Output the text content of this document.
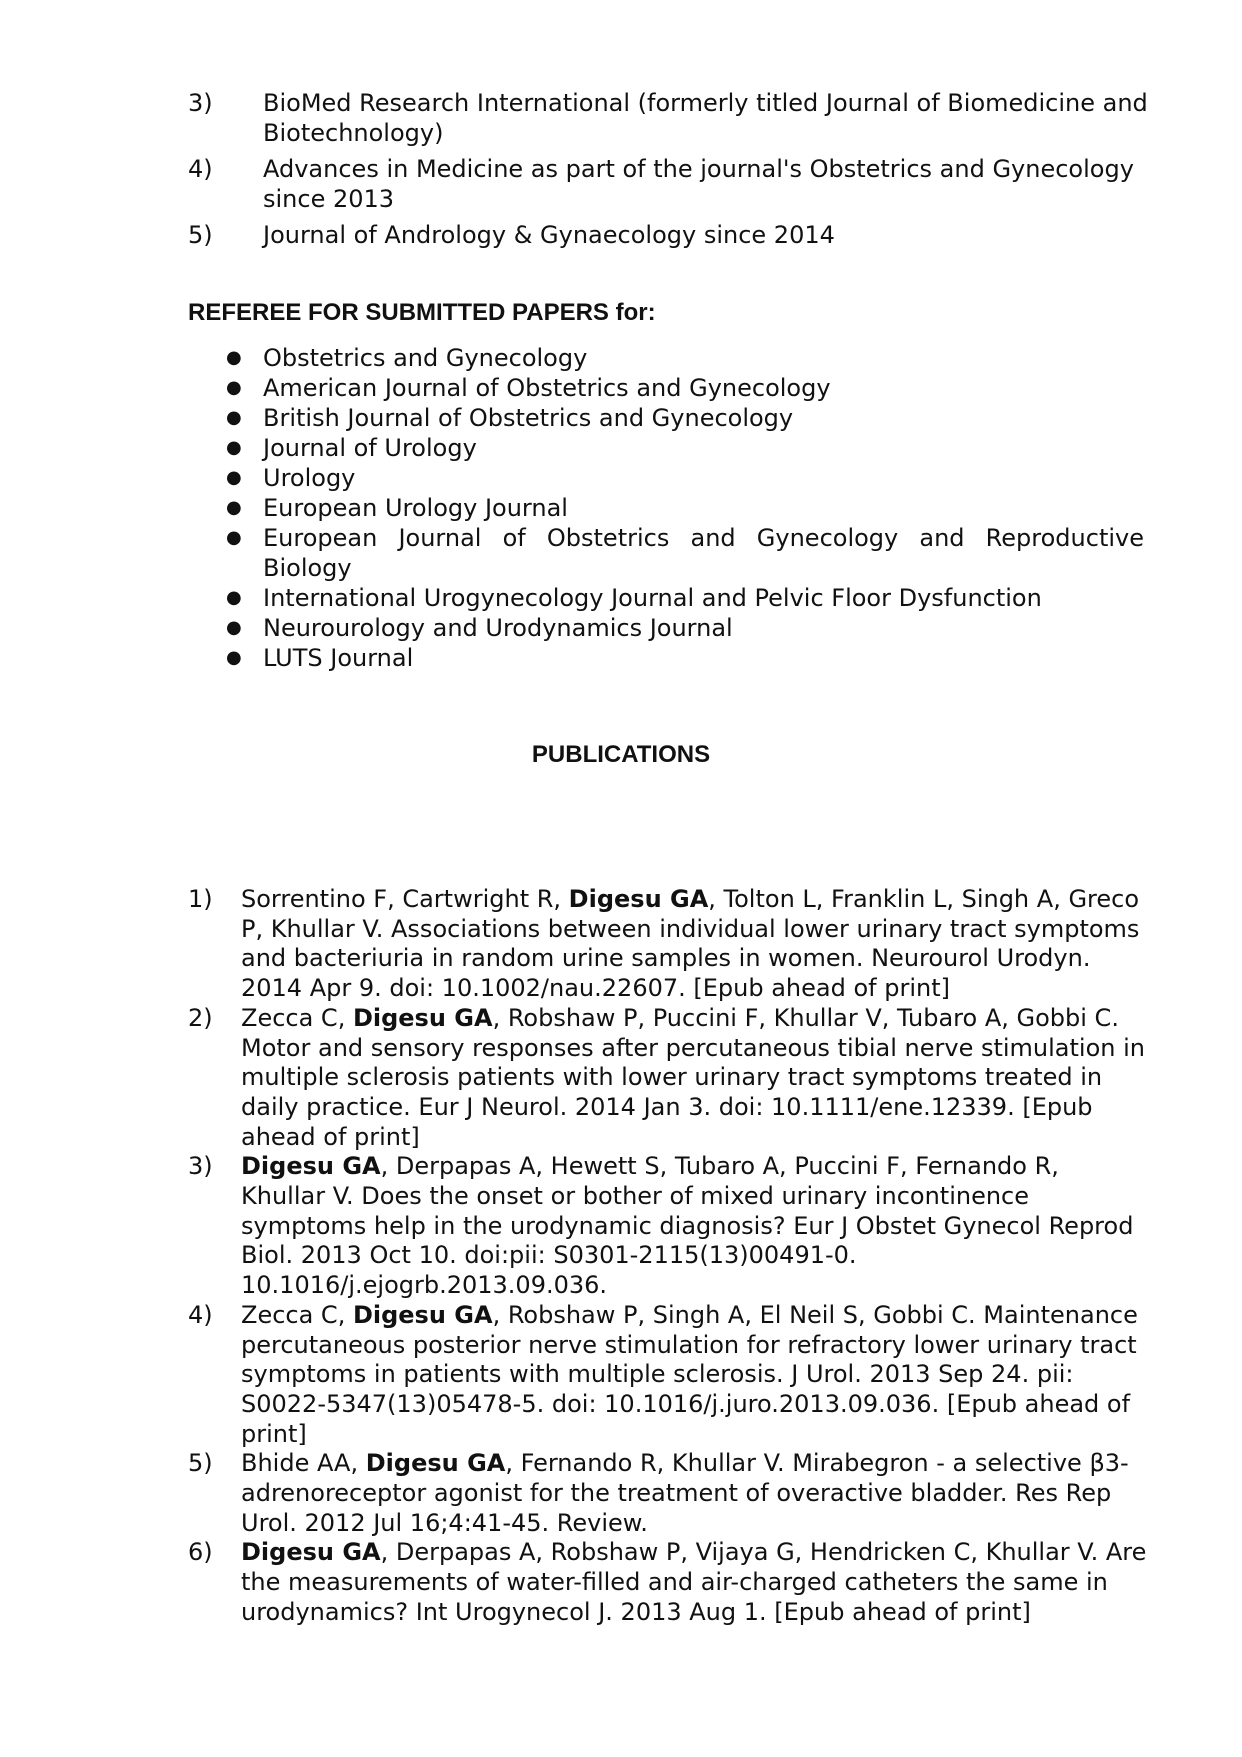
3) BioMed Research International (formerly titled Journal of Biomedicine and Biotechnology)
4) Advances in Medicine as part of the journal's Obstetrics and Gynecology since 2013
5) Journal of Andrology & Gynaecology since 2014
REFEREE FOR SUBMITTED PAPERS for:
● Obstetrics and Gynecology
● American Journal of Obstetrics and Gynecology
● British Journal of Obstetrics and Gynecology
● Journal of Urology
● Urology
● European Urology Journal
● European Journal of Obstetrics and Gynecology and Reproductive Biology
● International Urogynecology Journal and Pelvic Floor Dysfunction
● Neurourology and Urodynamics Journal
● LUTS Journal
PUBLICATIONS
1) Sorrentino F, Cartwright R, Digesu GA, Tolton L, Franklin L, Singh A, Greco P, Khullar V. Associations between individual lower urinary tract symptoms and bacteriuria in random urine samples in women. Neurourol Urodyn. 2014 Apr 9. doi: 10.1002/nau.22607. [Epub ahead of print]
2) Zecca C, Digesu GA, Robshaw P, Puccini F, Khullar V, Tubaro A, Gobbi C. Motor and sensory responses after percutaneous tibial nerve stimulation in multiple sclerosis patients with lower urinary tract symptoms treated in daily practice. Eur J Neurol. 2014 Jan 3. doi: 10.1111/ene.12339. [Epub ahead of print]
3) Digesu GA, Derpapas A, Hewett S, Tubaro A, Puccini F, Fernando R, Khullar V. Does the onset or bother of mixed urinary incontinence symptoms help in the urodynamic diagnosis? Eur J Obstet Gynecol Reprod Biol. 2013 Oct 10. doi:pii: S0301-2115(13)00491-0. 10.1016/j.ejogrb.2013.09.036.
4) Zecca C, Digesu GA, Robshaw P, Singh A, El Neil S, Gobbi C. Maintenance percutaneous posterior nerve stimulation for refractory lower urinary tract symptoms in patients with multiple sclerosis. J Urol. 2013 Sep 24. pii: S0022-5347(13)05478-5. doi: 10.1016/j.juro.2013.09.036. [Epub ahead of print]
5) Bhide AA, Digesu GA, Fernando R, Khullar V. Mirabegron - a selective β3-adrenoreceptor agonist for the treatment of overactive bladder. Res Rep Urol. 2012 Jul 16;4:41-45. Review.
6) Digesu GA, Derpapas A, Robshaw P, Vijaya G, Hendricken C, Khullar V. Are the measurements of water-filled and air-charged catheters the same in urodynamics? Int Urogynecol J. 2013 Aug 1. [Epub ahead of print]
